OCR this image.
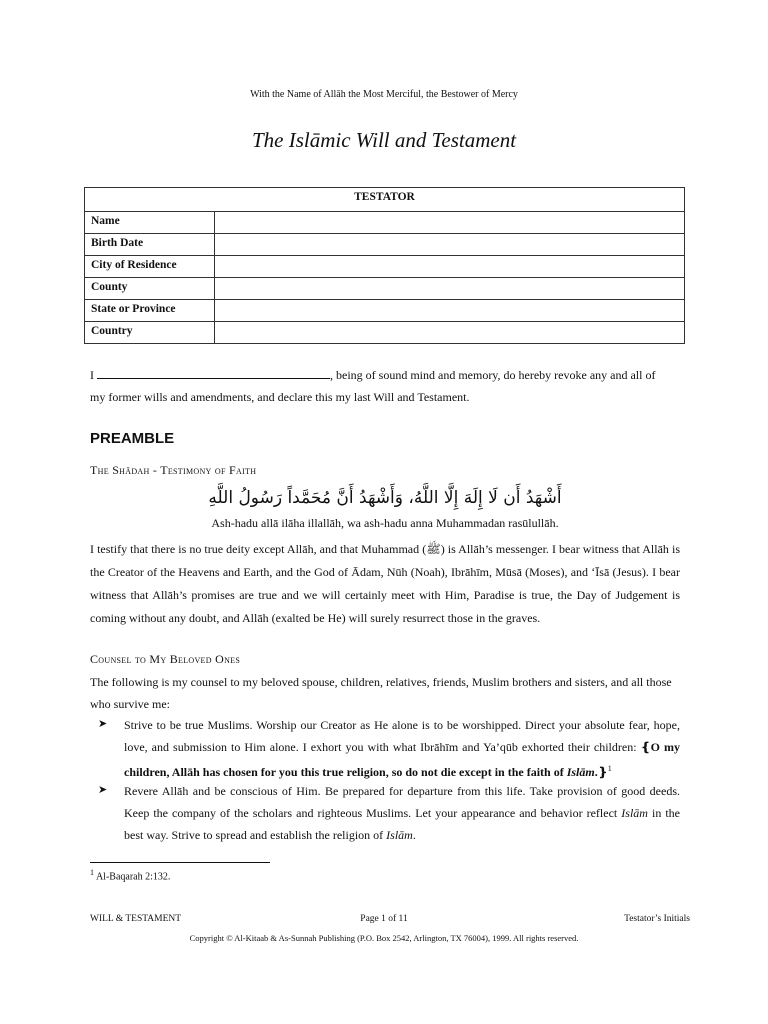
With the Name of Allāh the Most Merciful, the Bestower of Mercy
The Islāmic Will and Testament
TESTATOR	
Name	
Birth Date	
City of Residence	
County	
State or Province	
Country	
I	, being of sound mind and memory, do hereby revoke any and all of
my former wills and amendments, and declare this my last Will and Testament.
PREAMBLE
The Shādah - Testimony of Faith
أَشْهَدُ أَن لَا إِلَهَ إِلَّا اللَّهُ، وَأَشْهَدُ أَنَّ مُحَمَّداً رَسُولُ اللَّهِ
Ash-hadu allā ilāha illallāh, wa ash-hadu anna Muhammadan rasūlullāh.
I testify that there is no true deity except Allāh, and that Muhammad (ﷺ) is Allāh’s messenger. I bear witness that Allāh is the Creator of the Heavens and Earth, and the God of Ādam, Nūh (Noah), Ibrāhīm, Mūsā (Moses), and ‘Īsā (Jesus). I bear witness that Allāh’s promises are true and we will certainly meet with Him, Paradise is true, the Day of Judgement is coming without any doubt, and Allāh (exalted be He) will surely resurrect those in the graves.
Counsel to My Beloved Ones
The following is my counsel to my beloved spouse, children, relatives, friends, Muslim brothers and sisters, and all those who survive me:
➤ Strive to be true Muslims. Worship our Creator as He alone is to be worshipped. Direct your absolute fear, hope, love, and submission to Him alone. I exhort you with what Ibrāhīm and Ya’qūb exhorted their children: ❴O my children, Allāh has chosen for you this true religion, so do not die except in the faith of Islām.❵$^1$
➤ Revere Allāh and be conscious of Him. Be prepared for departure from this life. Take provision of good deeds. Keep the company of the scholars and righteous Muslims. Let your appearance and behavior reflect Islām in the best way. Strive to spread and establish the religion of Islām.
$^1$ Al-Baqarah 2:132.
WILL & TESTAMENT	Page 1 of 11	Testator’s Initials
Copyright © Al-Kitaab & As-Sunnah Publishing (P.O. Box 2542, Arlington, TX 76004), 1999. All rights reserved.
